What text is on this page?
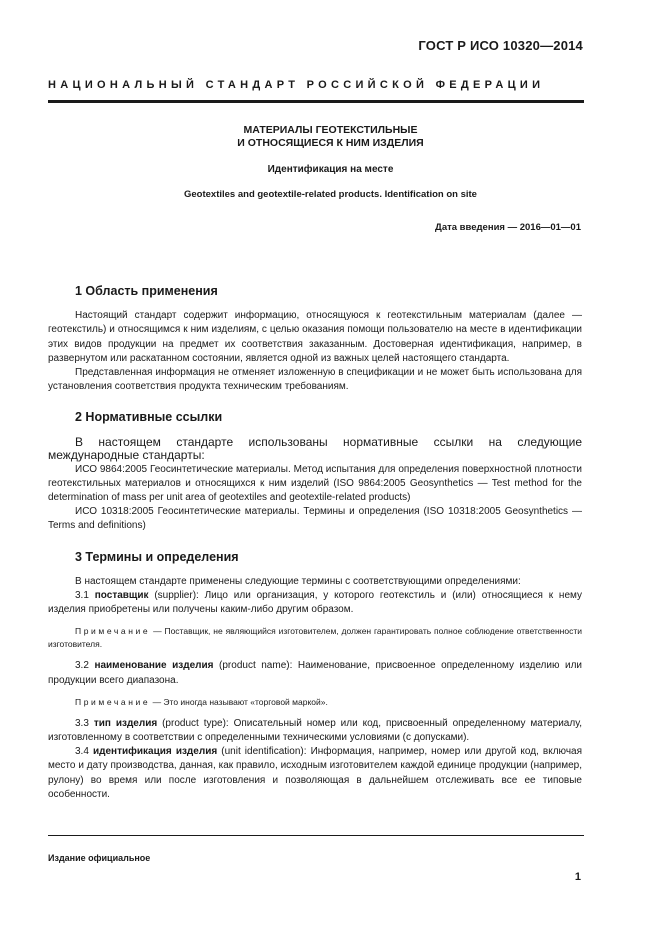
ГОСТ Р ИСО 10320—2014
НАЦИОНАЛЬНЫЙ СТАНДАРТ РОССИЙСКОЙ ФЕДЕРАЦИИ
МАТЕРИАЛЫ ГЕОТЕКСТИЛЬНЫЕ
И ОТНОСЯЩИЕСЯ К НИМ ИЗДЕЛИЯ
Идентификация на месте
Geotextiles and geotextile-related products. Identification on site
Дата введения — 2016—01—01
1 Область применения

Настоящий стандарт содержит информацию, относящуюся к геотекстильным материалам (далее — геотекстиль) и относящимся к ним изделиям, с целью оказания помощи пользователю на месте в идентификации этих видов продукции на предмет их соответствия заказанным. Достоверная идентификация, например, в развернутом или раскатанном состоянии, является одной из важных целей настоящего стандарта.

Представленная информация не отменяет изложенную в спецификации и не может быть использована для установления соответствия продукта техническим требованиям.

2 Нормативные ссылки

В настоящем стандарте использованы нормативные ссылки на следующие международные стандарты:

ИСО 9864:2005 Геосинтетические материалы. Метод испытания для определения поверхностной плотности геотекстильных материалов и относящихся к ним изделий (ISO 9864:2005 Geosynthetics — Test method for the determination of mass per unit area of geotextiles and geotextile-related products)

ИСО 10318:2005 Геосинтетические материалы. Термины и определения (ISO 10318:2005 Geosynthetics — Terms and definitions)

3 Термины и определения

В настоящем стандарте применены следующие термины с соответствующими определениями:

3.1 поставщик (supplier): Лицо или организация, у которого геотекстиль и (или) относящиеся к нему изделия приобретены или получены каким-либо другим образом.

Примечание — Поставщик, не являющийся изготовителем, должен гарантировать полное соблюдение ответственности изготовителя.

3.2 наименование изделия (product name): Наименование, присвоенное определенному изделию или продукции всего диапазона.

Примечание — Это иногда называют «торговой маркой».

3.3 тип изделия (product type): Описательный номер или код, присвоенный определенному материалу, изготовленному в соответствии с определенными техническими условиями (с допусками).

3.4 идентификация изделия (unit identification): Информация, например, номер или другой код, включая место и дату производства, данная, как правило, исходным изготовителем каждой единице продукции (например, рулону) во время или после изготовления и позволяющая в дальнейшем отслеживать все ее типовые особенности.

Издание официальное
1
